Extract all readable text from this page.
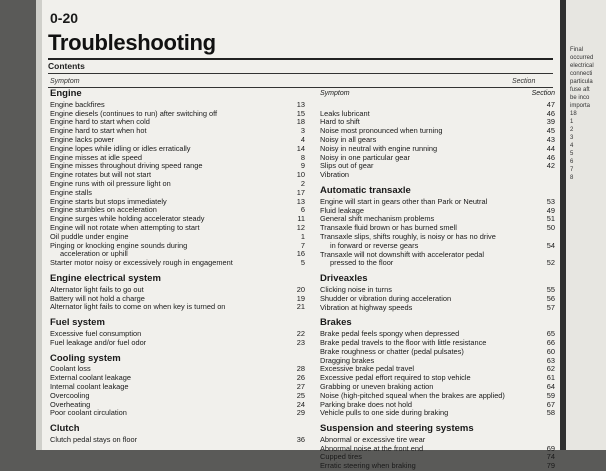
0-20
Troubleshooting
Contents
Symptom	Section
Engine
Engine backfires	13
Engine diesels (continues to run) after switching off	15
Engine hard to start when cold	18
Engine hard to start when hot	3
Engine lacks power	4
Engine lopes while idling or idles erratically	14
Engine misses at idle speed	8
Engine misses throughout driving speed range	9
Engine rotates but will not start	10
Engine runs with oil pressure light on	2
Engine stalls	17
Engine starts but stops immediately	13
Engine stumbles on acceleration	6
Engine surges while holding accelerator steady	11
Engine will not rotate when attempting to start	12
Oil puddle under engine	1
Pinging or knocking engine sounds during	7
acceleration or uphill	16
Starter motor noisy or excessively rough in engagement	5
Engine electrical system
Alternator light fails to go out	20
Battery will not hold a charge	19
Alternator light fails to come on when key is turned on	21
Fuel system
Excessive fuel consumption	22
Fuel leakage and/or fuel odor	23
Cooling system
Coolant loss	28
External coolant leakage	26
Internal coolant leakage	27
Overcooling	25
Overheating	24
Poor coolant circulation	29
Clutch
Clutch pedal stays on floor	36
Symptom	Section
47
Leaks lubricant	46
Hard to shift	39
Noise most pronounced when turning	45
Noisy in all gears	43
Noisy in neutral with engine running	44
Noisy in one particular gear	46
Slips out of gear	42
Vibration
Automatic transaxle
Engine will start in gears other than Park or Neutral	53
Fluid leakage	49
General shift mechanism problems	51
Transaxle fluid brown or has burned smell	50
Transaxle slips, shifts roughly, is noisy or has no drive
in forward or reverse gears	54
Transaxle will not downshift with accelerator pedal
pressed to the floor	52
Driveaxles
Clicking noise in turns	55
Shudder or vibration during acceleration	56
Vibration at highway speeds	57
Brakes
Brake pedal feels spongy when depressed	65
Brake pedal travels to the floor with little resistance	66
Brake roughness or chatter (pedal pulsates)	60
Dragging brakes	63
Excessive brake pedal travel	62
Excessive pedal effort required to stop vehicle	61
Grabbing or uneven braking action	64
Noise (high-pitched squeal when the brakes are applied)	59
Parking brake does not hold	67
Vehicle pulls to one side during braking	58
Suspension and steering systems
Abnormal or excessive tire wear
Abnormal noise at the front end	69
Cupped tires	74
Erratic steering when braking	79
Final
occurred
electrical
connecti
particula
fuse aft
be inco
importa
18
1
2
3
4
5
6
7
8
